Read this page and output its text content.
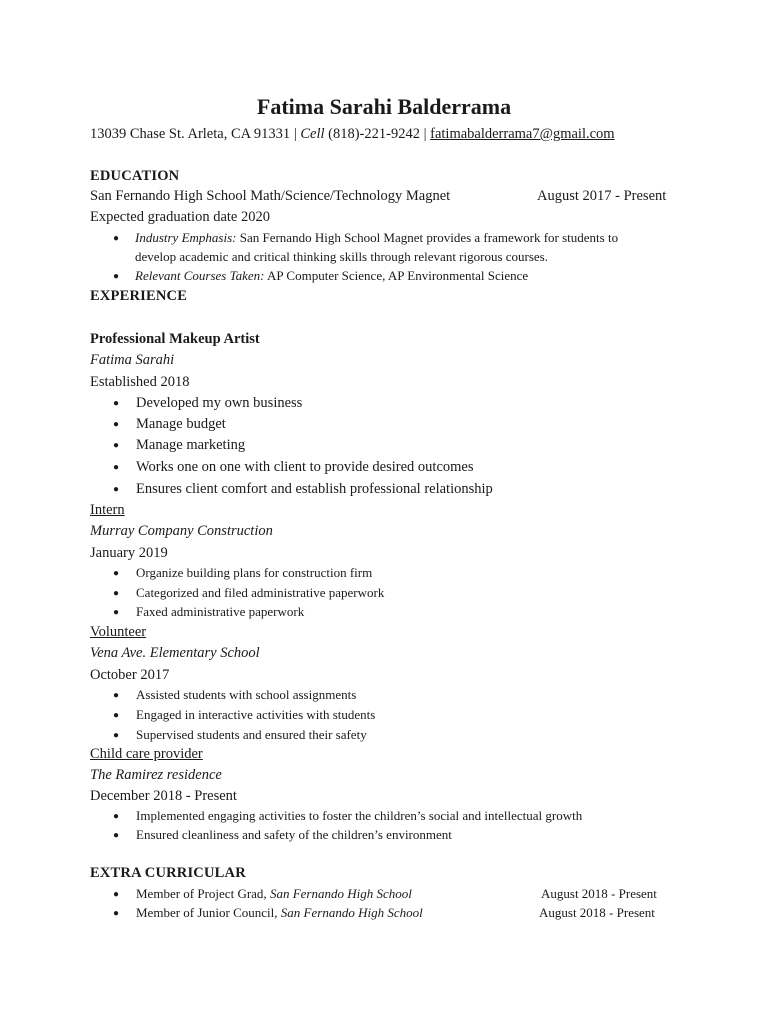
Fatima Sarahi Balderrama
13039 Chase St. Arleta, CA 91331 | Cell (818)-221-9242 | fatimabalderrama7@gmail.com
EDUCATION
San Fernando High School Math/Science/Technology Magnet	August 2017 - Present
Expected graduation date 2020
● Industry Emphasis: San Fernando High School Magnet provides a framework for students to
develop academic and critical thinking skills through relevant rigorous courses.
● Relevant Courses Taken: AP Computer Science, AP Environmental Science
EXPERIENCE
Professional Makeup Artist
Fatima Sarahi
Established 2018
● Developed my own business
● Manage budget
● Manage marketing
● Works one on one with client to provide desired outcomes
● Ensures client comfort and establish professional relationship
Intern
Murray Company Construction
January 2019
● Organize building plans for construction firm
● Categorized and filed administrative paperwork
● Faxed administrative paperwork
Volunteer
Vena Ave. Elementary School
October 2017
● Assisted students with school assignments
● Engaged in interactive activities with students
● Supervised students and ensured their safety
Child care provider
The Ramirez residence
December 2018 - Present
● Implemented engaging activities to foster the children’s social and intellectual growth
● Ensured cleanliness and safety of the children’s environment
EXTRA CURRICULAR
● Member of Project Grad, San Fernando High School	August 2018 - Present
● Member of Junior Council, San Fernando High School	August 2018 - Present
